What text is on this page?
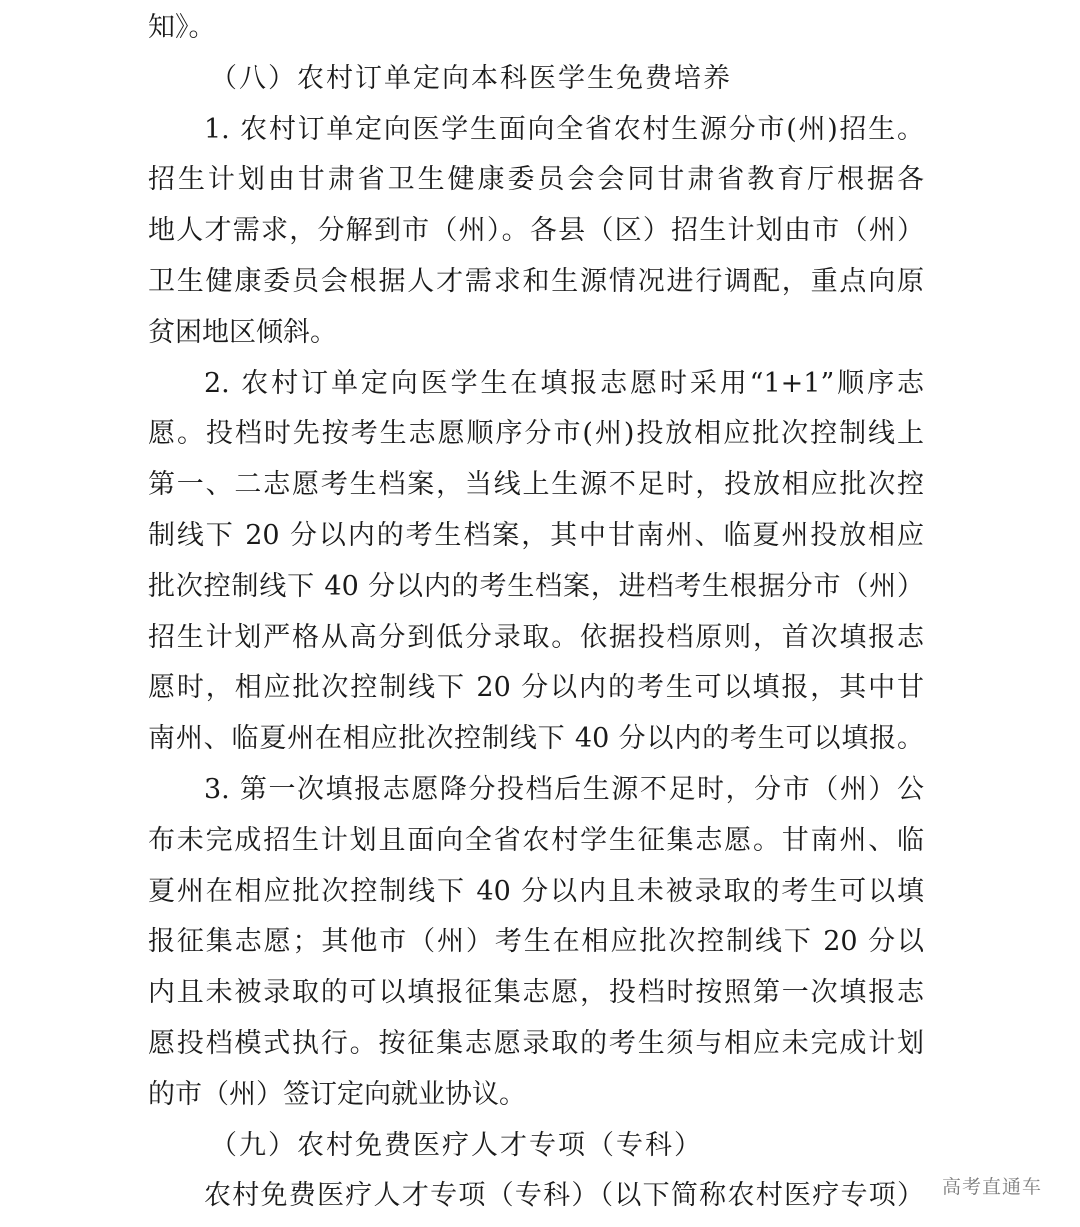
知》。
（八）农村订单定向本科医学生免费培养
1. 农村订单定向医学生面向全省农村生源分市(州)招生。
招生计划由甘肃省卫生健康委员会会同甘肃省教育厅根据各
地人才需求，分解到市（州）。各县（区）招生计划由市（州）
卫生健康委员会根据人才需求和生源情况进行调配，重点向原
贫困地区倾斜。
2. 农村订单定向医学生在填报志愿时采用“1+1”顺序志
愿。投档时先按考生志愿顺序分市(州)投放相应批次控制线上
第一、二志愿考生档案，当线上生源不足时，投放相应批次控
制线下 20 分以内的考生档案，其中甘南州、临夏州投放相应
批次控制线下 40 分以内的考生档案，进档考生根据分市（州）
招生计划严格从高分到低分录取。依据投档原则，首次填报志
愿时，相应批次控制线下 20 分以内的考生可以填报，其中甘
南州、临夏州在相应批次控制线下 40 分以内的考生可以填报。
3. 第一次填报志愿降分投档后生源不足时，分市（州）公
布未完成招生计划且面向全省农村学生征集志愿。甘南州、临
夏州在相应批次控制线下 40 分以内且未被录取的考生可以填
报征集志愿；其他市（州）考生在相应批次控制线下 20 分以
内且未被录取的可以填报征集志愿，投档时按照第一次填报志
愿投档模式执行。按征集志愿录取的考生须与相应未完成计划
的市（州）签订定向就业协议。
（九）农村免费医疗人才专项（专科）
农村免费医疗人才专项（专科）（以下简称农村医疗专项） 高考直通车
